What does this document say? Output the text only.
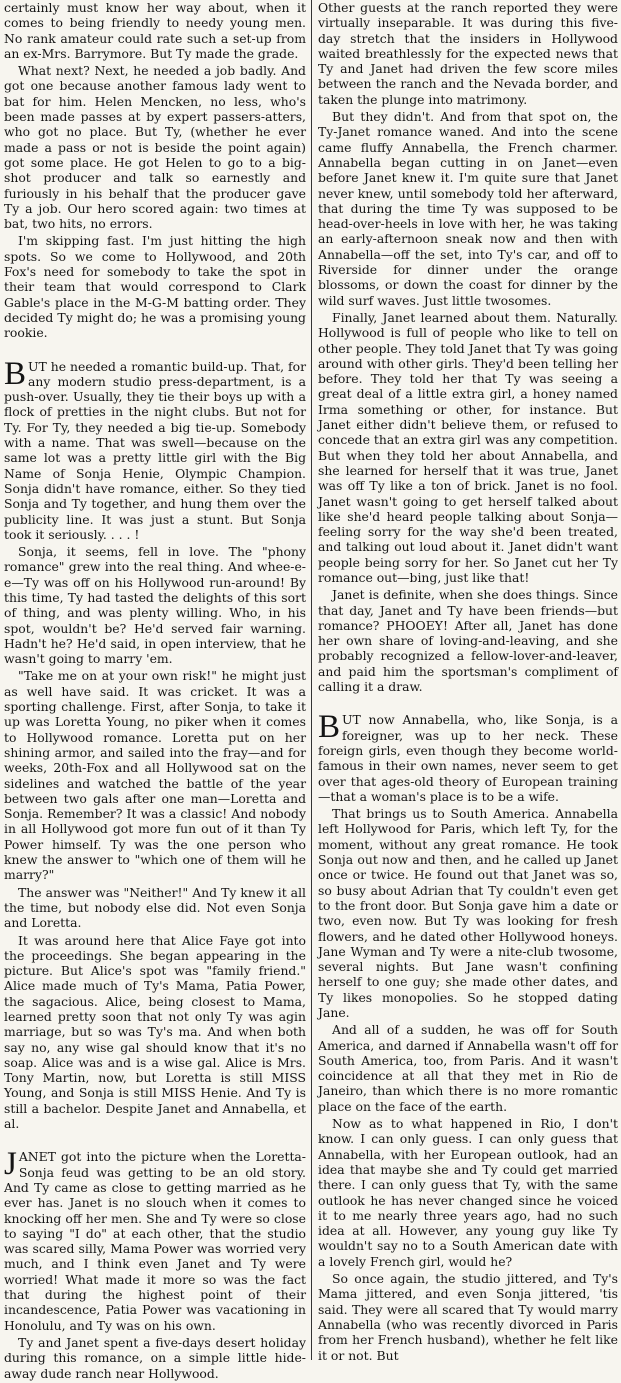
certainly must know her way about, when it comes to being friendly to needy young men. No rank amateur could rate such a set-up from an ex-Mrs. Barrymore. But Ty made the grade.

What next? Next, he needed a job badly. And got one because another famous lady went to bat for him. Helen Mencken, no less, who's been made passes at by expert passers-atters, who got no place. But Ty, (whether he ever made a pass or not is beside the point again) got some place. He got Helen to go to a big-shot producer and talk so earnestly and furiously in his behalf that the producer gave Ty a job. Our hero scored again: two times at bat, two hits, no errors.

I'm skipping fast. I'm just hitting the high spots. So we come to Hollywood, and 20th Fox's need for somebody to take the spot in their team that would correspond to Clark Gable's place in the M-G-M batting order. They decided Ty might do; he was a promising young rookie.

BUT he needed a romantic build-up. That, for any modern studio press-department, is a push-over. Usually, they tie their boys up with a flock of pretties in the night clubs. But not for Ty. For Ty, they needed a big tie-up. Somebody with a name. That was swell—because on the same lot was a pretty little girl with the Big Name of Sonja Henie, Olympic Champion. Sonja didn't have romance, either. So they tied Sonja and Ty together, and hung them over the publicity line. It was just a stunt. But Sonja took it seriously. . . . !

Sonja, it seems, fell in love. The "phony romance" grew into the real thing. And whee-e-e—Ty was off on his Hollywood run-around! By this time, Ty had tasted the delights of this sort of thing, and was plenty willing. Who, in his spot, wouldn't be? He'd served fair warning. Hadn't he? He'd said, in open interview, that he wasn't going to marry 'em.

"Take me on at your own risk!" he might just as well have said. It was cricket. It was a sporting challenge. First, after Sonja, to take it up was Loretta Young, no piker when it comes to Hollywood romance. Loretta put on her shining armor, and sailed into the fray—and for weeks, 20th-Fox and all Hollywood sat on the sidelines and watched the battle of the year between two gals after one man—Loretta and Sonja. Remember? It was a classic! And nobody in all Hollywood got more fun out of it than Ty Power himself. Ty was the one person who knew the answer to "which one of them will he marry?"

The answer was "Neither!" And Ty knew it all the time, but nobody else did. Not even Sonja and Loretta.

It was around here that Alice Faye got into the proceedings. She began appearing in the picture. But Alice's spot was "family friend." Alice made much of Ty's Mama, Patia Power, the sagacious. Alice, being closest to Mama, learned pretty soon that not only Ty was agin marriage, but so was Ty's ma. And when both say no, any wise gal should know that it's no soap. Alice was and is a wise gal. Alice is Mrs. Tony Martin, now, but Loretta is still MISS Young, and Sonja is still MISS Henie. And Ty is still a bachelor. Despite Janet and Annabella, et al.

JANET got into the picture when the Loretta-Sonja feud was getting to be an old story. And Ty came as close to getting married as he ever has. Janet is no slouch when it comes to knocking off her men. She and Ty were so close to saying "I do" at each other, that the studio was scared silly, Mama Power was worried very much, and I think even Janet and Ty were worried! What made it more so was the fact that during the highest point of their incandescence, Patia Power was vacationing in Honolulu, and Ty was on his own.

Ty and Janet spent a five-days desert holiday during this romance, on a simple little hide-away dude ranch near Hollywood.

Other guests at the ranch reported they were virtually inseparable. It was during this five-day stretch that the insiders in Hollywood waited breathlessly for the expected news that Ty and Janet had driven the few score miles between the ranch and the Nevada border, and taken the plunge into matrimony.

But they didn't. And from that spot on, the Ty-Janet romance waned. And into the scene came fluffy Annabella, the French charmer. Annabella began cutting in on Janet—even before Janet knew it. I'm quite sure that Janet never knew, until somebody told her afterward, that during the time Ty was supposed to be head-over-heels in love with her, he was taking an early-afternoon sneak now and then with Annabella—off the set, into Ty's car, and off to Riverside for dinner under the orange blossoms, or down the coast for dinner by the wild surf waves. Just little twosomes.

Finally, Janet learned about them. Naturally. Hollywood is full of people who like to tell on other people. They told Janet that Ty was going around with other girls. They'd been telling her before. They told her that Ty was seeing a great deal of a little extra girl, a honey named Irma something or other, for instance. But Janet either didn't believe them, or refused to concede that an extra girl was any competition. But when they told her about Annabella, and she learned for herself that it was true, Janet was off Ty like a ton of brick. Janet is no fool. Janet wasn't going to get herself talked about like she'd heard people talking about Sonja—feeling sorry for the way she'd been treated, and talking out loud about it. Janet didn't want people being sorry for her. So Janet cut her Ty romance out—bing, just like that!

Janet is definite, when she does things. Since that day, Janet and Ty have been friends—but romance? PHOOEY! After all, Janet has done her own share of loving-and-leaving, and she probably recognized a fellow-lover-and-leaver, and paid him the sportsman's compliment of calling it a draw.

BUT now Annabella, who, like Sonja, is a foreigner, was up to her neck. These foreign girls, even though they become world-famous in their own names, never seem to get over that ages-old theory of European training—that a woman's place is to be a wife.

That brings us to South America. Annabella left Hollywood for Paris, which left Ty, for the moment, without any great romance. He took Sonja out now and then, and he called up Janet once or twice. He found out that Janet was so, so busy about Adrian that Ty couldn't even get to the front door. But Sonja gave him a date or two, even now. But Ty was looking for fresh flowers, and he dated other Hollywood honeys. Jane Wyman and Ty were a nite-club twosome, several nights. But Jane wasn't confining herself to one guy; she made other dates, and Ty likes monopolies. So he stopped dating Jane.

And all of a sudden, he was off for South America, and darned if Annabella wasn't off for South America, too, from Paris. And it wasn't coincidence at all that they met in Rio de Janeiro, than which there is no more romantic place on the face of the earth.

Now as to what happened in Rio, I don't know. I can only guess. I can only guess that Annabella, with her European outlook, had an idea that maybe she and Ty could get married there. I can only guess that Ty, with the same outlook he has never changed since he voiced it to me nearly three years ago, had no such idea at all. However, any young guy like Ty wouldn't say no to a South American date with a lovely French girl, would he?

So once again, the studio jittered, and Ty's Mama jittered, and even Sonja jittered, 'tis said. They were all scared that Ty would marry Annabella (who was recently divorced in Paris from her French husband), whether he felt like it or not. But
